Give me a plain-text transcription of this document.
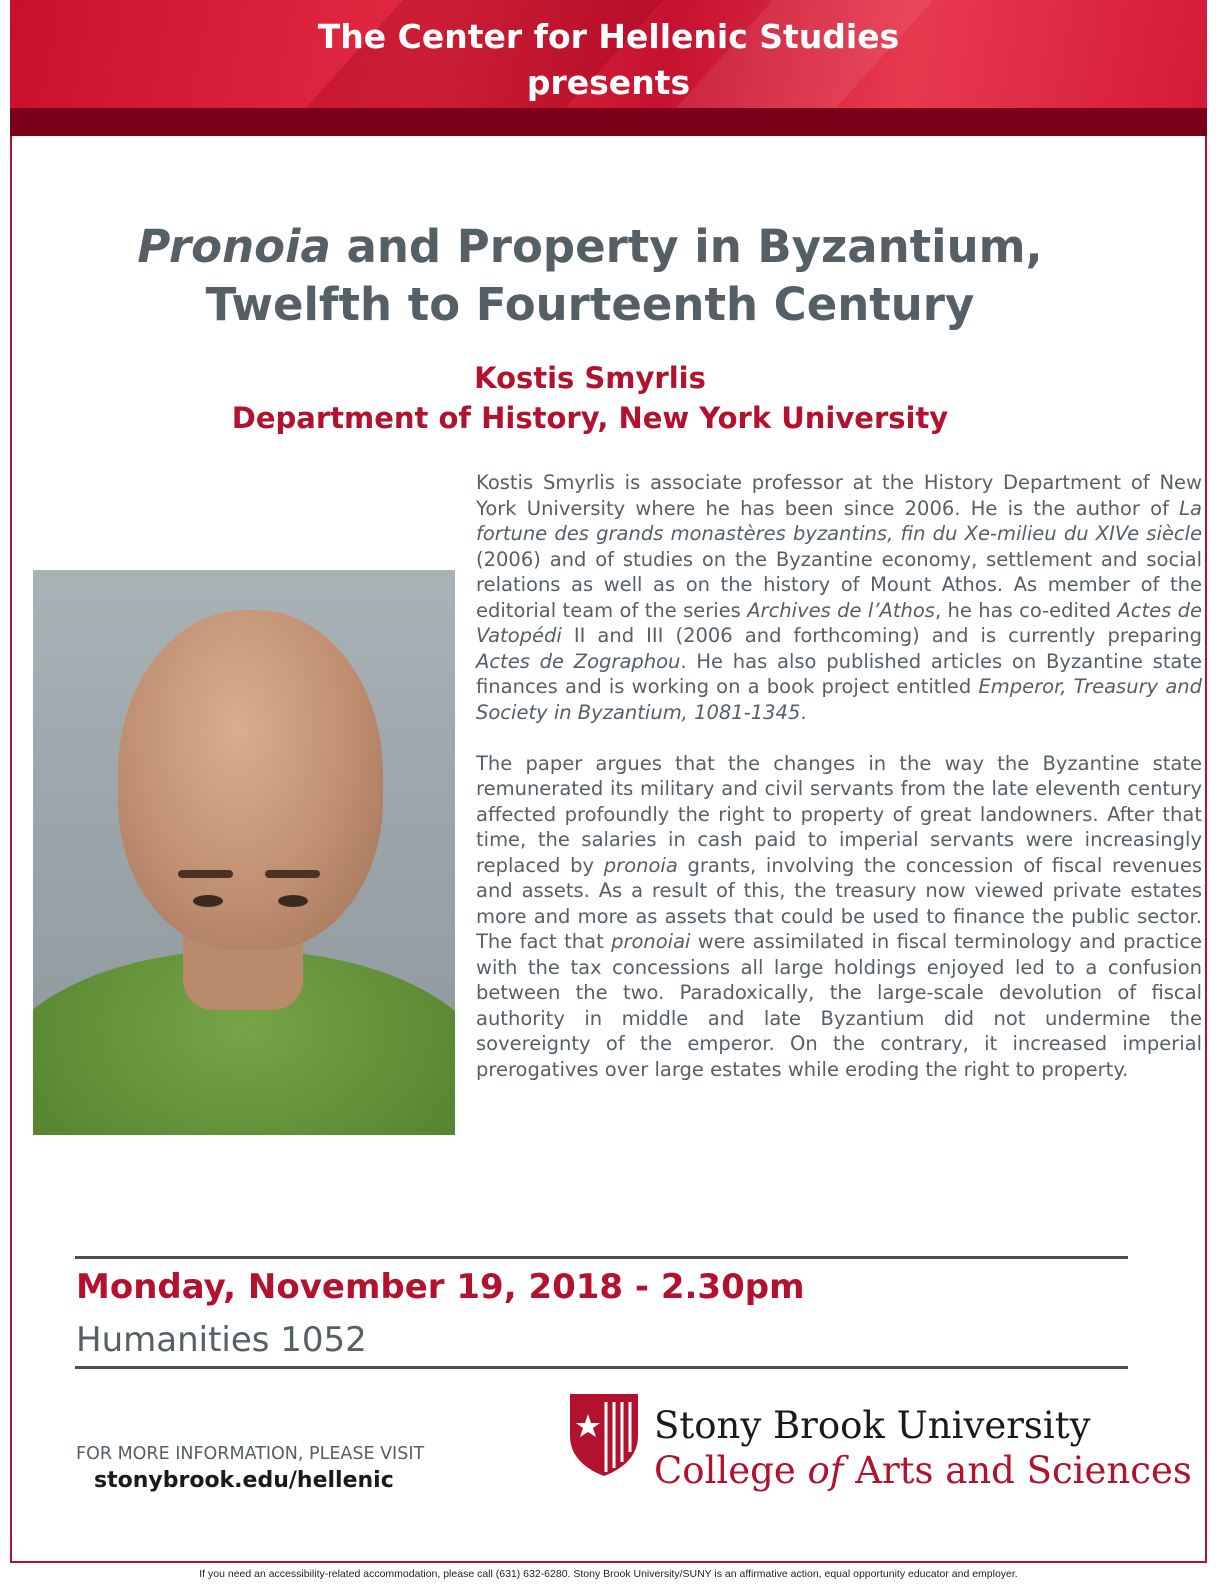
The Center for Hellenic Studies
presents
Pronoia and Property in Byzantium,
Twelfth to Fourteenth Century
Kostis Smyrlis
Department of History, New York University

Kostis Smyrlis is associate professor at the History Department of New York University where he has been since 2006. He is the author of La fortune des grands monastères byzantins, fin du Xe-milieu du XIVe siècle (2006) and of studies on the Byzantine economy, settlement and social relations as well as on the history of Mount Athos. As member of the editorial team of the series Archives de l’Athos, he has co-edited Actes de Vatopédi II and III (2006 and forthcoming) and is currently preparing Actes de Zographou. He has also published articles on Byzantine state finances and is working on a book project entitled Emperor, Treasury and Society in Byzantium, 1081-1345.

The paper argues that the changes in the way the Byzantine state remunerated its military and civil servants from the late eleventh century affected profoundly the right to property of great landowners. After that time, the salaries in cash paid to imperial servants were increasingly replaced by pronoia grants, involving the concession of fiscal revenues and assets. As a result of this, the treasury now viewed private estates more and more as assets that could be used to finance the public sector. The fact that pronoiai were assimilated in fiscal terminology and practice with the tax concessions all large holdings enjoyed led to a confusion between the two. Paradoxically, the large-scale devolution of fiscal authority in middle and late Byzantium did not undermine the sovereignty of the emperor. On the contrary, it increased imperial prerogatives over large estates while eroding the right to property.

Monday, November 19, 2018 - 2.30pm
Humanities 1052
FOR MORE INFORMATION, PLEASE VISIT
stonybrook.edu/hellenic
Stony Brook University
College of Arts and Sciences
If you need an accessibility-related accommodation, please call (631) 632-6280. Stony Brook University/SUNY is an affirmative action, equal opportunity educator and employer.
